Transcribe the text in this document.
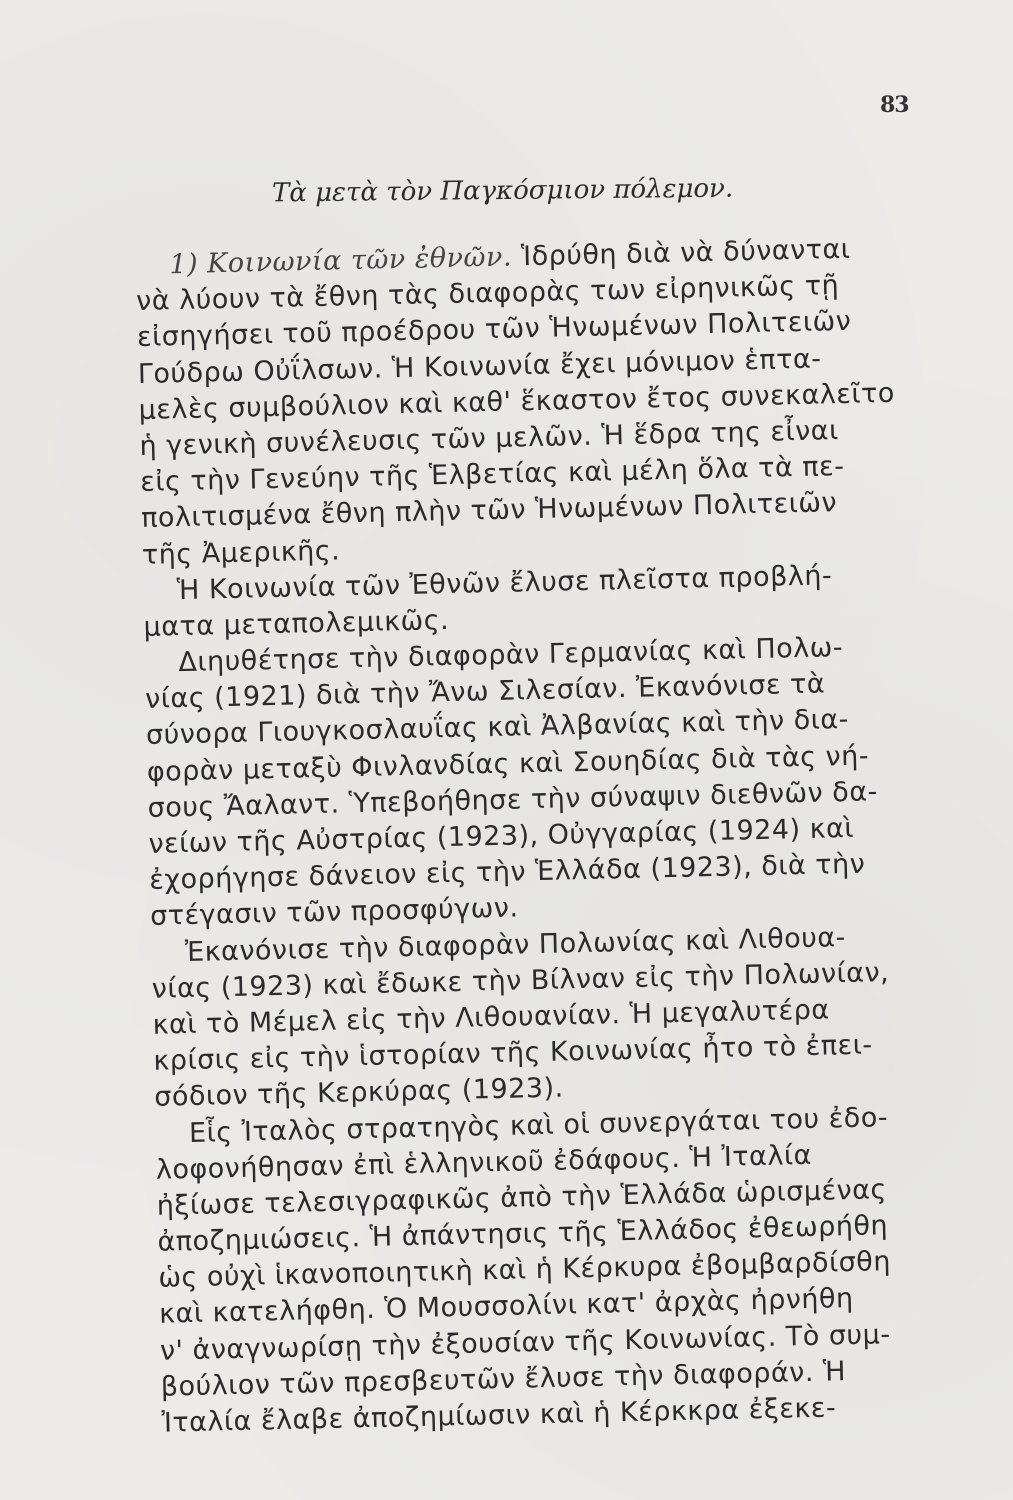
83
Τὰ μετὰ τὸν Παγκόσμιον πόλεμον.
1) Κοινωνία τῶν ἐθνῶν. Ἱδρύθη διὰ νὰ δύνανται
νὰ λύουν τὰ ἔθνη τὰς διαφορὰς των εἰρηνικῶς τῇ
εἰσηγήσει τοῦ προέδρου τῶν Ἡνωμένων Πολιτειῶν
Γούδρω Οὐΐλσων. Ἡ Κοινωνία ἔχει μόνιμον ἑπτα-
μελὲς συμβούλιον καὶ καθ' ἕκαστον ἔτος συνεκαλεῖτο
ἡ γενικὴ συνέλευσις τῶν μελῶν. Ἡ ἕδρα της εἶναι
εἰς τὴν Γενεύην τῆς Ἑλβετίας καὶ μέλη ὅλα τὰ πε-
πολιτισμένα ἔθνη πλὴν τῶν Ἡνωμένων Πολιτειῶν
τῆς Ἀμερικῆς.
Ἡ Κοινωνία τῶν Ἐθνῶν ἔλυσε πλεῖστα προβλή-
ματα μεταπολεμικῶς.
Διηυθέτησε τὴν διαφορὰν Γερμανίας καὶ Πολω-
νίας (1921) διὰ τὴν Ἄνω Σιλεσίαν. Ἐκανόνισε τὰ
σύνορα Γιουγκοσλαυΐας καὶ Ἀλβανίας καὶ τὴν δια-
φορὰν μεταξὺ Φινλανδίας καὶ Σουηδίας διὰ τὰς νή-
σους Ἄαλαντ. Ὑπεβοήθησε τὴν σύναψιν διεθνῶν δα-
νείων τῆς Αὐστρίας (1923), Οὐγγαρίας (1924) καὶ
ἐχορήγησε δάνειον εἰς τὴν Ἑλλάδα (1923), διὰ τὴν
στέγασιν τῶν προσφύγων.
Ἐκανόνισε τὴν διαφορὰν Πολωνίας καὶ Λιθουα-
νίας (1923) καὶ ἔδωκε τὴν Βίλναν εἰς τὴν Πολωνίαν,
καὶ τὸ Μέμελ εἰς τὴν Λιθουανίαν. Ἡ μεγαλυτέρα
κρίσις εἰς τὴν ἱστορίαν τῆς Κοινωνίας ἦτο τὸ ἐπει-
σόδιον τῆς Κερκύρας (1923).
Εἷς Ἰταλὸς στρατηγὸς καὶ οἱ συνεργάται του ἐδο-
λοφονήθησαν ἐπὶ ἑλληνικοῦ ἐδάφους. Ἡ Ἰταλία
ἠξίωσε τελεσιγραφικῶς ἀπὸ τὴν Ἑλλάδα ὡρισμένας
ἀποζημιώσεις. Ἡ ἀπάντησις τῆς Ἑλλάδος ἐθεωρήθη
ὡς οὐχὶ ἱκανοποιητικὴ καὶ ἡ Κέρκυρα ἐβομβαρδίσθη
καὶ κατελήφθη. Ὁ Μουσσολίνι κατ' ἀρχὰς ἠρνήθη
ν' ἀναγνωρίσῃ τὴν ἐξουσίαν τῆς Κοινωνίας. Τὸ συμ-
βούλιον τῶν πρεσβευτῶν ἔλυσε τὴν διαφοράν. Ἡ
Ἰταλία ἔλαβε ἀποζημίωσιν καὶ ἡ Κέρκκρα ἐξεκε-
